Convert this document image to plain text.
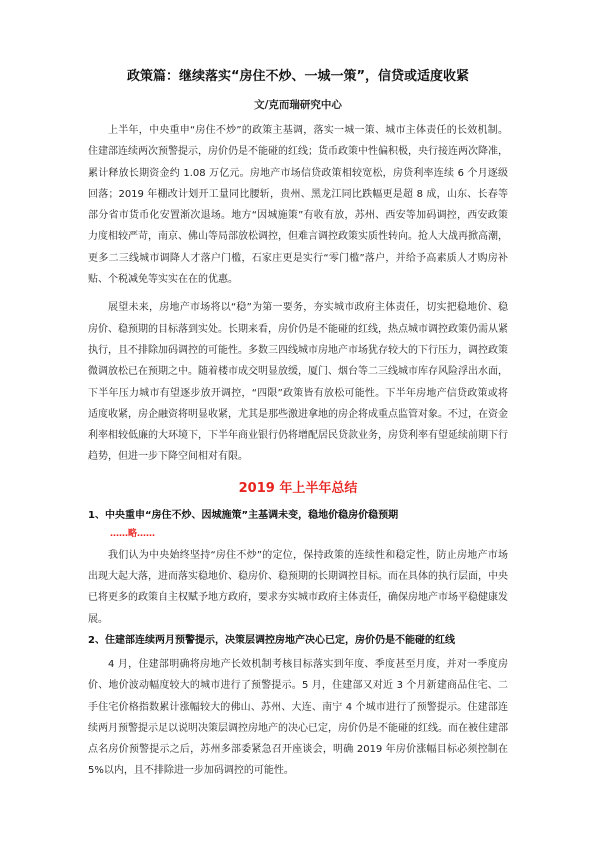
政策篇：继续落实“房住不炒、一城一策”，信贷或适度收紧
文/克而瑞研究中心

上半年，中央重申“房住不炒”的政策主基调，落实一城一策、城市主体责任的长效机制。住建部连续两次预警提示，房价仍是不能碰的红线；货币政策中性偏积极，央行接连两次降准，累计释放长期资金约 1.08 万亿元。房地产市场信贷政策相较宽松，房贷利率连续 6 个月逐级回落；2019 年棚改计划开工量同比腰斩，贵州、黑龙江同比跌幅更是超 8 成，山东、长春等部分省市货币化安置渐次退场。地方“因城施策”有收有放，苏州、西安等加码调控，西安政策力度相较严苛，南京、佛山等局部放松调控，但难言调控政策实质性转向。抢人大战再掀高潮，更多二三线城市调降人才落户门槛，石家庄更是实行“零门槛”落户，并给予高素质人才购房补贴、个税减免等实实在在的优惠。

展望未来，房地产市场将以“稳”为第一要务，夯实城市政府主体责任，切实把稳地价、稳房价、稳预期的目标落到实处。长期来看，房价仍是不能碰的红线，热点城市调控政策仍需从紧执行，且不排除加码调控的可能性。多数三四线城市房地产市场犹存较大的下行压力，调控政策微调放松已在预期之中。随着楼市成交明显放缓，厦门、烟台等二三线城市库存风险浮出水面，下半年压力城市有望逐步放开调控，“四限”政策皆有放松可能性。下半年房地产信贷政策或将适度收紧，房企融资将明显收紧，尤其是那些激进拿地的房企将成重点监管对象。不过，在资金利率相较低廉的大环境下，下半年商业银行仍将增配居民贷款业务，房贷利率有望延续前期下行趋势，但进一步下降空间相对有限。

2019 年上半年总结
1、中央重申“房住不炒、因城施策”主基调未变，稳地价稳房价稳预期
……略……

我们认为中央始终坚持“房住不炒”的定位，保持政策的连续性和稳定性，防止房地产市场出现大起大落，进而落实稳地价、稳房价、稳预期的长期调控目标。而在具体的执行层面，中央已将更多的政策自主权赋予地方政府，要求夯实城市政府主体责任，确保房地产市场平稳健康发展。

2、住建部连续两月预警提示，决策层调控房地产决心已定，房价仍是不能碰的红线

4 月，住建部明确将房地产长效机制考核目标落实到年度、季度甚至月度，并对一季度房价、地价波动幅度较大的城市进行了预警提示。5 月，住建部又对近 3 个月新建商品住宅、二手住宅价格指数累计涨幅较大的佛山、苏州、大连、南宁 4 个城市进行了预警提示。住建部连续两月预警提示足以说明决策层调控房地产的决心已定，房价仍是不能碰的红线。而在被住建部点名房价预警提示之后，苏州多部委紧急召开座谈会，明确 2019 年房价涨幅目标必须控制在 5%以内，且不排除进一步加码调控的可能性。
